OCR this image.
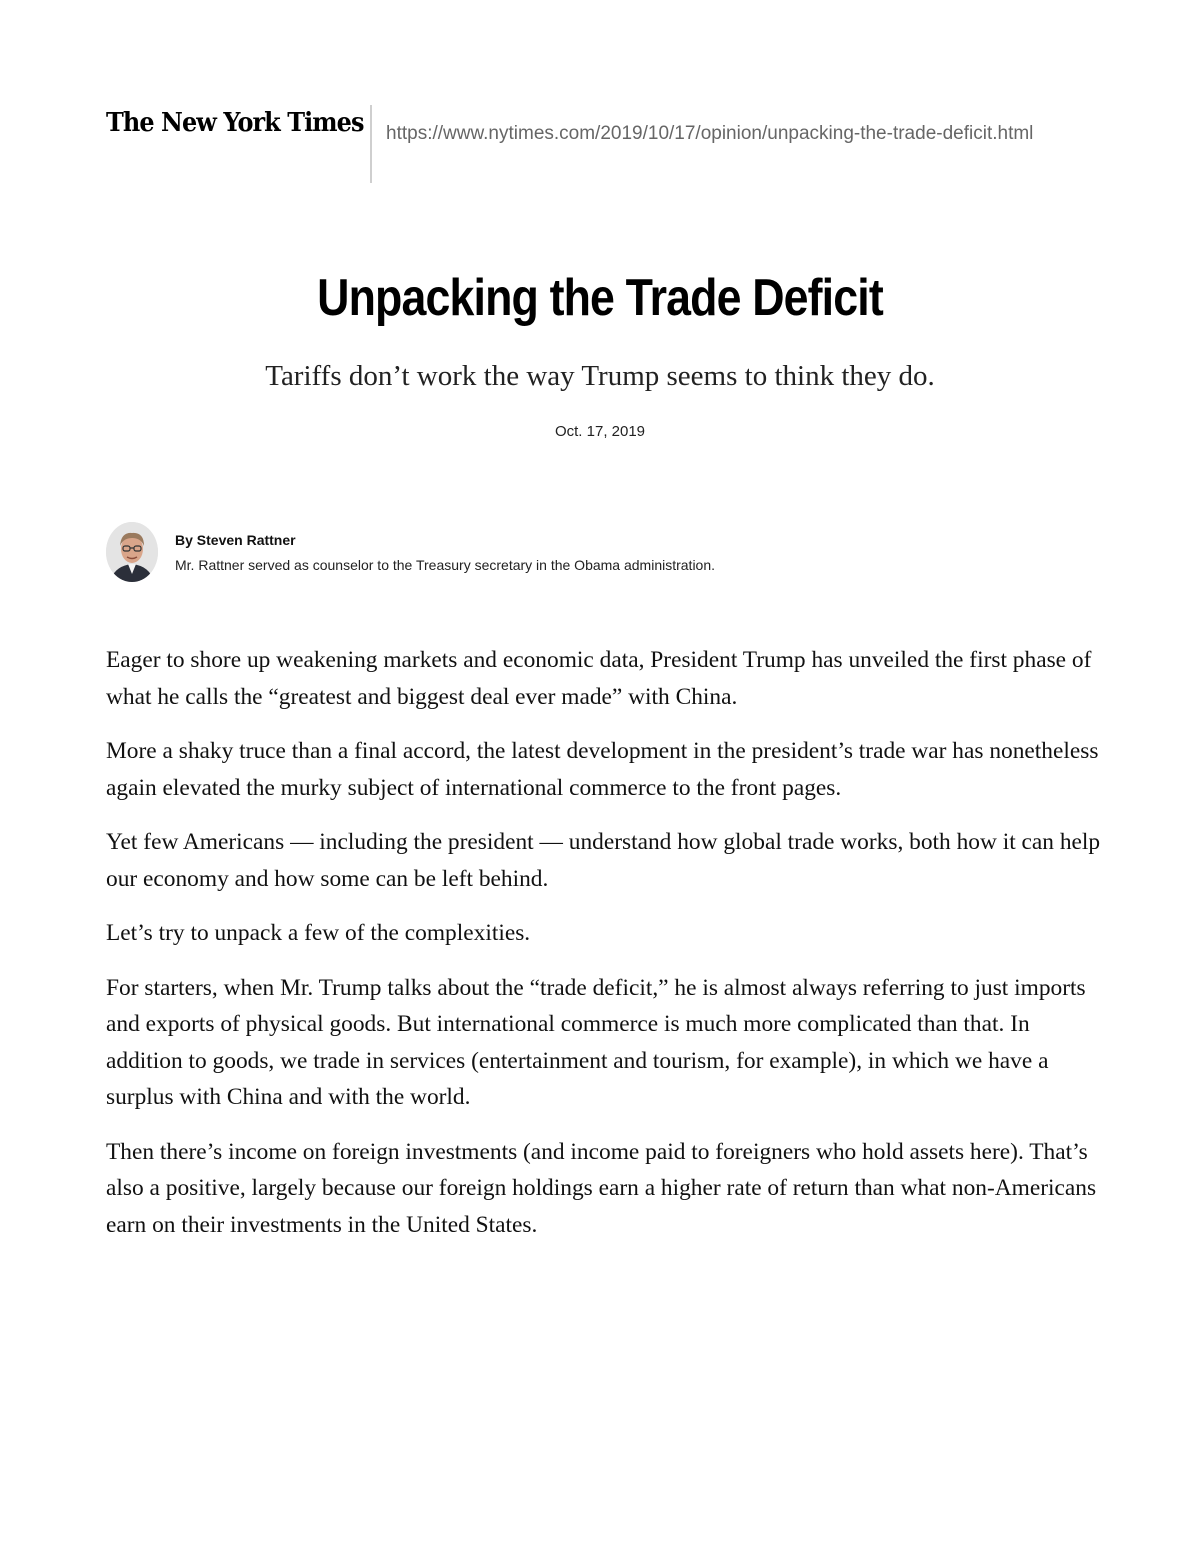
The New York Times https://www.nytimes.com/2019/10/17/opinion/unpacking-the-trade-deficit.html
Unpacking the Trade Deficit
Tariffs don’t work the way Trump seems to think they do.
Oct. 17, 2019
By Steven Rattner
Mr. Rattner served as counselor to the Treasury secretary in the Obama administration.

Eager to shore up weakening markets and economic data, President Trump has unveiled the first phase of what he calls the “greatest and biggest deal ever made” with China.

More a shaky truce than a final accord, the latest development in the president’s trade war has nonetheless again elevated the murky subject of international commerce to the front pages.

Yet few Americans — including the president — understand how global trade works, both how it can help our economy and how some can be left behind.

Let’s try to unpack a few of the complexities.

For starters, when Mr. Trump talks about the “trade deficit,” he is almost always referring to just imports and exports of physical goods. But international commerce is much more complicated than that. In addition to goods, we trade in services (entertainment and tourism, for example), in which we have a surplus with China and with the world.

Then there’s income on foreign investments (and income paid to foreigners who hold assets here). That’s also a positive, largely because our foreign holdings earn a higher rate of return than what non-Americans earn on their investments in the United States.
